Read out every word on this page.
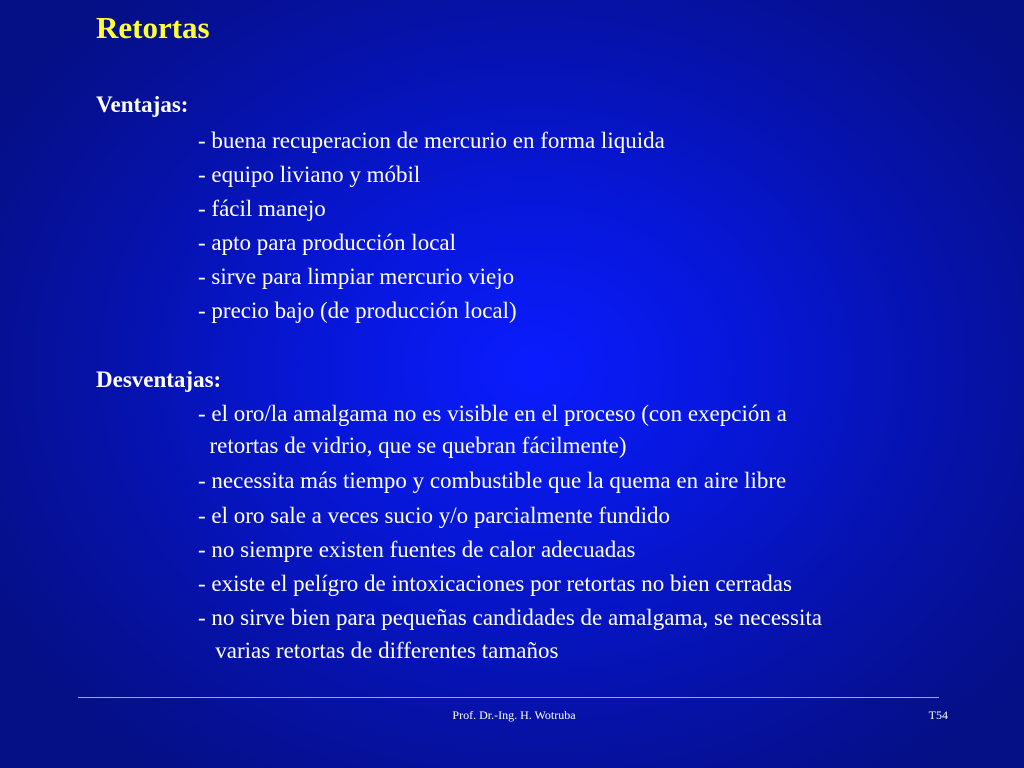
Retortas
Ventajas:
- buena recuperacion de mercurio en forma liquida
- equipo liviano y móbil
- fácil manejo
- apto para producción local
- sirve para limpiar mercurio viejo
- precio bajo (de producción local)
Desventajas:
- el oro/la amalgama no es visible en el proceso (con exepción a
retortas de vidrio, que se quebran fácilmente)
- necessita más tiempo y combustible que la quema en aire libre
- el oro sale a veces sucio y/o parcialmente fundido
- no siempre existen fuentes de calor adecuadas
- existe el pelígro de intoxicaciones por retortas no bien cerradas
- no sirve bien para pequeñas candidades de amalgama, se necessita
varias retortas de differentes tamaños
Prof. Dr.-Ing. H. Wotruba	T54
